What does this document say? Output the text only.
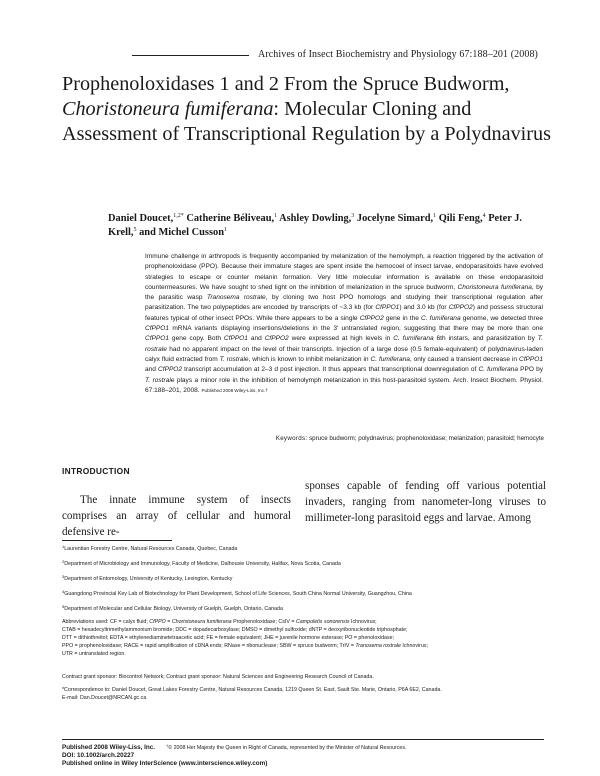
Archives of Insect Biochemistry and Physiology 67:188–201 (2008)
Prophenoloxidases 1 and 2 From the Spruce Budworm, Choristoneura fumiferana: Molecular Cloning and Assessment of Transcriptional Regulation by a Polydnavirus
Daniel Doucet,$^{1,2*}$ Catherine Béliveau,$^1$ Ashley Dowling,$^3$ Jocelyne Simard,$^1$ Qili Feng,$^4$ Peter J. Krell,$^5$ and Michel Cusson$^1$
Immune challenge in arthropods is frequently accompanied by melanization of the hemolymph, a reaction triggered by the activation of prophenoloxidase (PPO). Because their immature stages are spent inside the hemocoel of insect larvae, endoparasitoids have evolved strategies to escape or counter melanin formation. Very little molecular information is available on these endoparasitoid countermeasures. We have sought to shed light on the inhibition of melanization in the spruce budworm, Choristoneura fumiferana, by the parasitic wasp Tranosema rostrale, by cloning two host PPO homologs and studying their transcriptional regulation after parasitization. The two polypeptides are encoded by transcripts of ~3.3 kb (for CfPPO1) and 3.0 kb (for CfPPO2) and possess structural features typical of other insect PPOs. While there appears to be a single CfPPO2 gene in the C. fumiferana genome, we detected three CfPPO1 mRNA variants displaying insertions/deletions in the 3′ untranslated region, suggesting that there may be more than one CfPPO1 gene copy. Both CfPPO1 and CfPPO2 were expressed at high levels in C. fumiferana 6th instars, and parasitization by T. rostrale had no apparent impact on the level of their transcripts. Injection of a large dose (0.5 female-equivalent) of polydnavirus-laden calyx fluid extracted from T. rostrale, which is known to inhibit melanization in C. fumiferana, only caused a transient decrease in CfPPO1 and CfPPO2 transcript accumulation at 2–3 d post injection. It thus appears that transcriptional downregulation of C. fumiferana PPO by T. rostrale plays a minor role in the inhibition of hemolymph melanization in this host-parasitoid system. Arch. Insect Biochem. Physiol. 67:188–201, 2008. Published 2008 Wiley-Liss, Inc.†
Keywords: spruce budworm; polydnavirus; prophenoloxidase; melanization; parasitoid; hemocyte
INTRODUCTION
The innate immune system of insects comprises an array of cellular and humoral defensive re-
sponses capable of fending off various potential invaders, ranging from nanometer-long viruses to millimeter-long parasitoid eggs and larvae. Among
$^1$Laurentian Forestry Centre, Natural Resources Canada, Quebec, Canada
$^2$Department of Microbiology and Immunology, Faculty of Medicine, Dalhousie University, Halifax, Nova Scotia, Canada
$^3$Department of Entomology, University of Kentucky, Lexington, Kentucky
$^4$Guangdong Provincial Key Lab of Biotechnology for Plant Development, School of Life Sciences, South China Normal University, Guangzhou, China
$^5$Department of Molecular and Cellular Biology, University of Guelph, Guelph, Ontario, Canada
Abbreviations used: CF = calyx fluid; CfPPO = Choristoneura fumiferana Prophenoloxidase; CsIV = Campoletis sonorensis Ichnovirus;
CTAB = hexadecyltrimethylammonium bromide; DDC = dopadecarboxylase; DMSO = dimethyl sulfoxide; dNTP = deoxyribonucleotide triphosphate;
DTT = dithiothreitol; EDTA = ethylenediaminetetraacetic acid; FE = female equivalent; JHE = juvenile hormone esterase; PO = phenoloxidase;
PPO = prophenoloxidase; RACE = rapid amplification of cDNA ends; RNase = ribonuclease; SBW = spruce budworm; TrIV = Tranosema rostrale Ichnovirus;
UTR = untranslated region.
Contract grant sponsor: Biocontrol Network; Contract grant sponsor: Natural Sciences and Engineering Research Council of Canada.
*Correspondence to: Daniel Doucet, Great Lakes Forestry Centre, Natural Resources Canada, 1219 Queen St. East, Sault Ste. Marie, Ontario, P6A 6E2, Canada.
E-mail: Dan.Doucet@NRCAN.gc.ca
Published 2008 Wiley-Liss, Inc.
DOI: 10.1002/arch.20227
Published online in Wiley InterScience (www.interscience.wiley.com)
†© 2008 Her Majesty the Queen in Right of Canada, represented by the Minister of Natural Resources.
